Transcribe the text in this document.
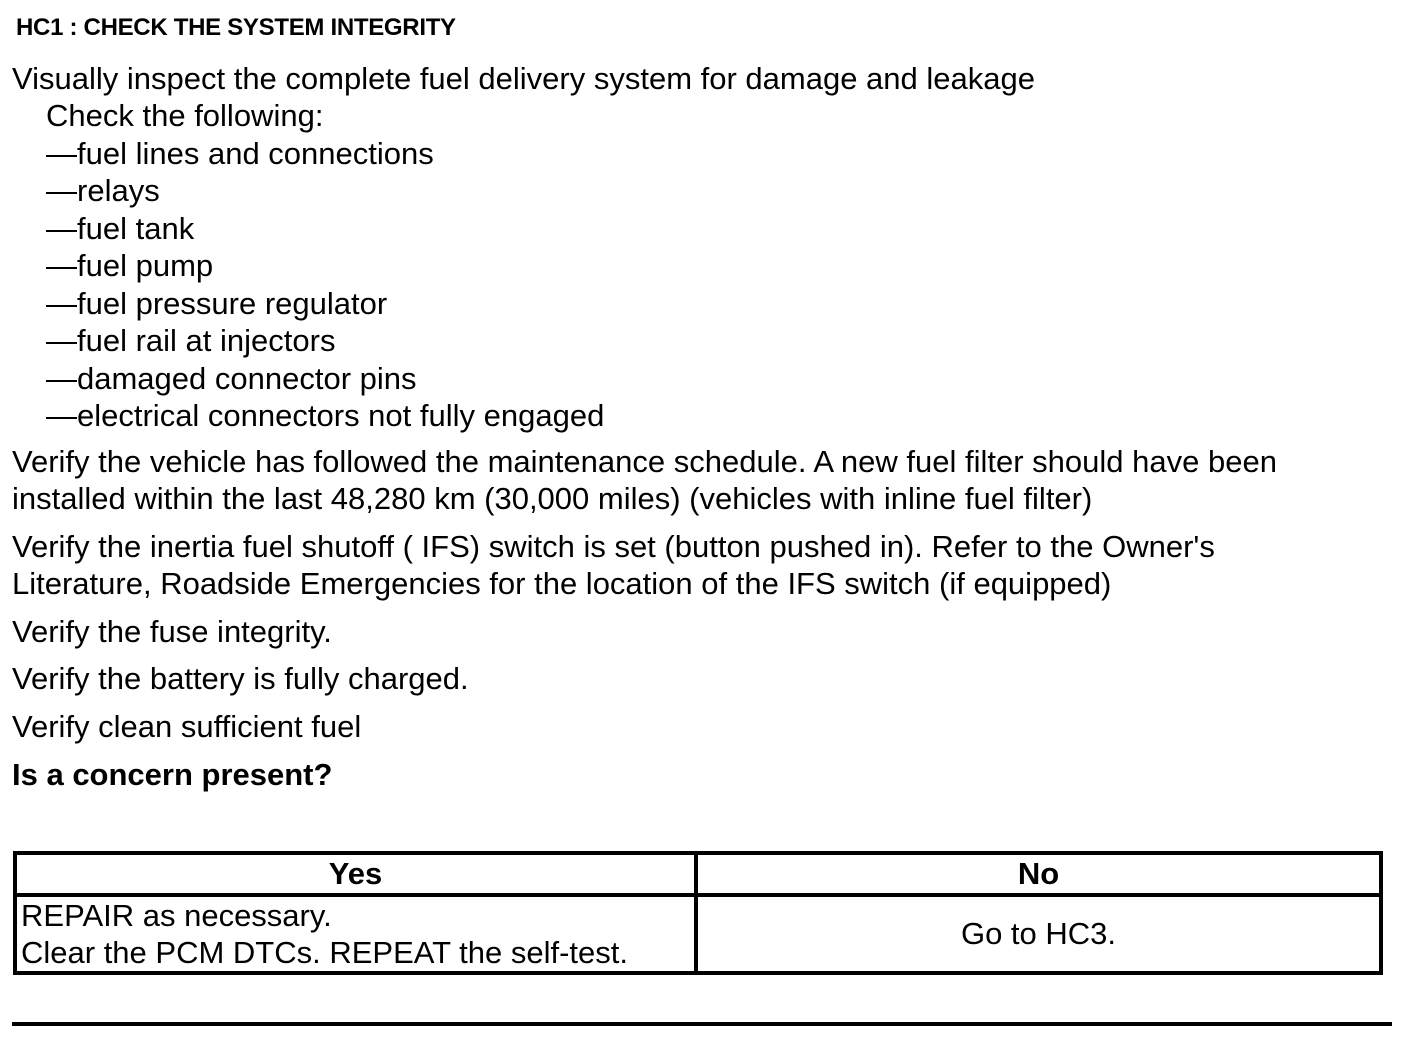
HC1 : CHECK THE SYSTEM INTEGRITY
Visually inspect the complete fuel delivery system for damage and leakage
Check the following:
—fuel lines and connections
—relays
—fuel tank
—fuel pump
—fuel pressure regulator
—fuel rail at injectors
—damaged connector pins
—electrical connectors not fully engaged
Verify the vehicle has followed the maintenance schedule. A new fuel filter should have been
installed within the last 48,280 km (30,000 miles) (vehicles with inline fuel filter)
Verify the inertia fuel shutoff ( IFS) switch is set (button pushed in). Refer to the Owner's
Literature, Roadside Emergencies for the location of the IFS switch (if equipped)
Verify the fuse integrity.
Verify the battery is fully charged.
Verify clean sufficient fuel
Is a concern present?
Yes	No

REPAIR as necessary.
Clear the PCM DTCs. REPEAT the self-test.	Go to HC3.
